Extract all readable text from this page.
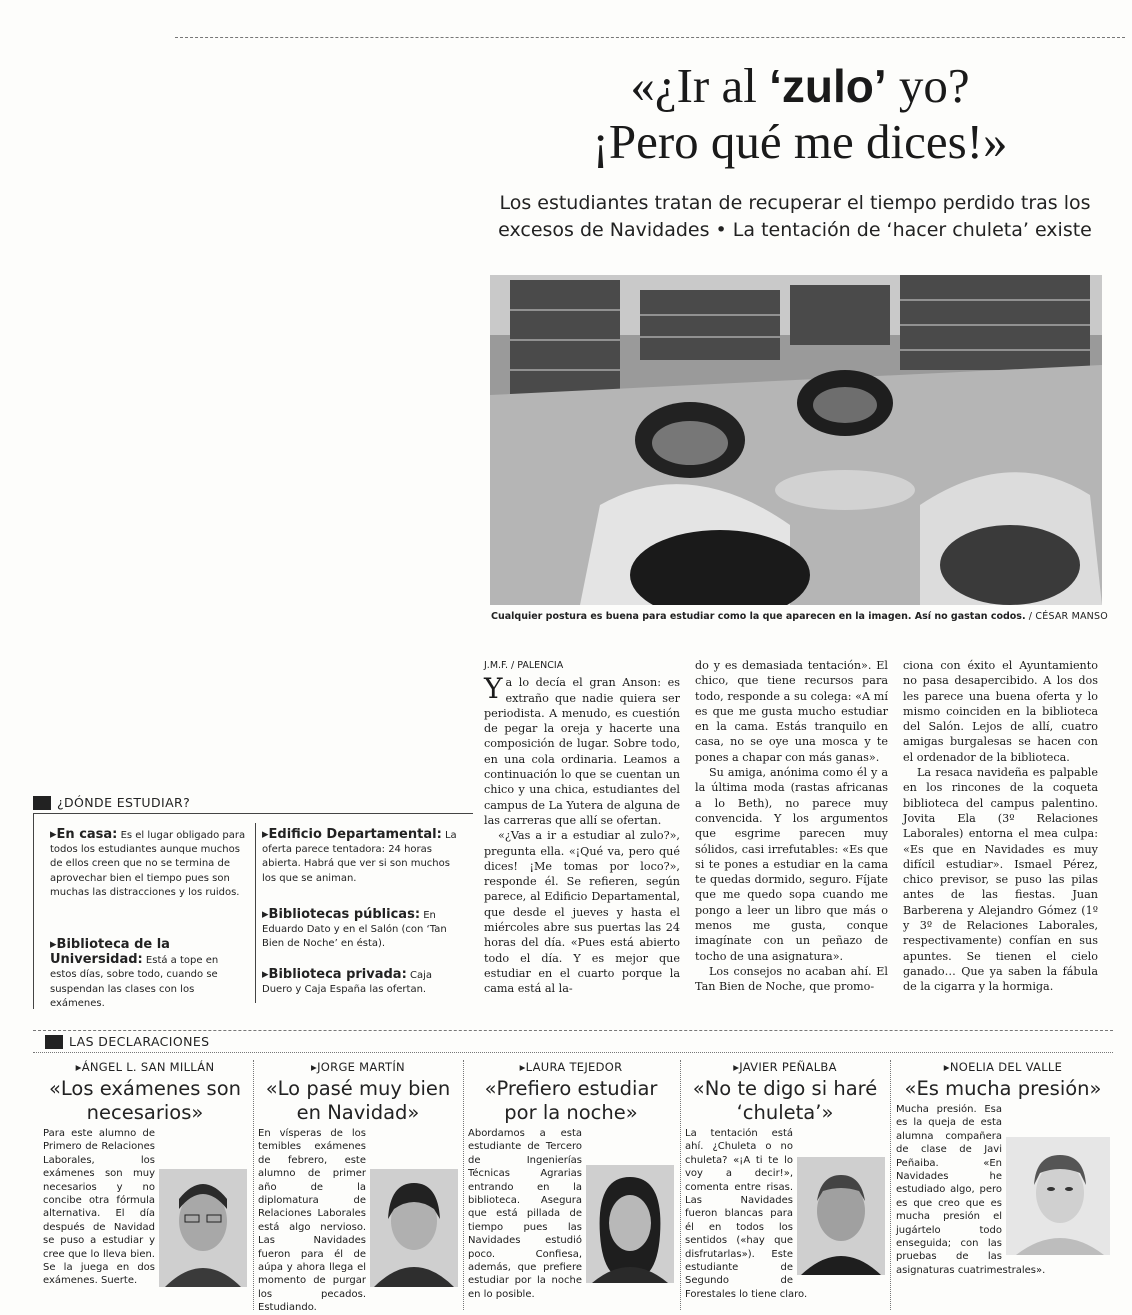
«¿Ir al ‘zulo’ yo?
¡Pero qué me dices!»
Los estudiantes tratan de recuperar el tiempo perdido tras los
excesos de Navidades • La tentación de ‘hacer chuleta’ existe
Cualquier postura es buena para estudiar como la que aparecen en la imagen. Así no gastan codos. / CÉSAR MANSO
J.M.F. / PALENCIA

Ya lo decía el gran Anson: es extraño que nadie quiera ser periodista. A menudo, es cuestión de pegar la oreja y hacerte una composición de lugar. Sobre todo, en una cola ordinaria. Leamos a continuación lo que se cuentan un chico y una chica, estudiantes del campus de La Yutera de alguna de las carreras que allí se ofertan.

«¿Vas a ir a estudiar al zulo?», pregunta ella. «¡Qué va, pero qué dices! ¡Me tomas por loco?», responde él. Se refieren, según parece, al Edificio Departamental, que desde el jueves y hasta el miércoles abre sus puertas las 24 horas del día. «Pues está abierto todo el día. Y es mejor que estudiar en el cuarto porque la cama está al la-

do y es demasiada tentación». El chico, que tiene recursos para todo, responde a su colega: «A mí es que me gusta mucho estudiar en la cama. Estás tranquilo en casa, no se oye una mosca y te pones a chapar con más ganas».

Su amiga, anónima como él y a la última moda (rastas africanas a lo Beth), no parece muy convencida. Y los argumentos que esgrime parecen muy sólidos, casi irrefutables: «Es que si te pones a estudiar en la cama te quedas dormido, seguro. Fíjate que me quedo sopa cuando me pongo a leer un libro que más o menos me gusta, conque imagínate con un peñazo de tocho de una asignatura».

Los consejos no acaban ahí. El Tan Bien de Noche, que promo-

ciona con éxito el Ayuntamiento no pasa desapercibido. A los dos les parece una buena oferta y lo mismo coinciden en la biblioteca del Salón. Lejos de allí, cuatro amigas burgalesas se hacen con el ordenador de la biblioteca.

La resaca navideña es palpable en los rincones de la coqueta biblioteca del campus palentino. Jovita Ela (3º Relaciones Laborales) entorna el mea culpa: «Es que en Navidades es muy difícil estudiar». Ismael Pérez, chico previsor, se puso las pilas antes de las fiestas. Juan Barberena y Alejandro Gómez (1º y 3º de Relaciones Laborales, respectivamente) confían en sus apuntes. Se tienen el cielo ganado… Que ya saben la fábula de la cigarra y la hormiga.

¿DÓNDE ESTUDIAR?
▸En casa: Es el lugar obligado para todos los estudiantes aunque muchos de ellos creen que no se termina de aprovechar bien el tiempo pues son muchas las distracciones y los ruidos.
▸Biblioteca de la Universidad: Está a tope en estos días, sobre todo, cuando se suspendan las clases con los exámenes.
▸Edificio Departamental: La oferta parece tentadora: 24 horas abierta. Habrá que ver si son muchos los que se animan.
▸Bibliotecas públicas: En Eduardo Dato y en el Salón (con ‘Tan Bien de Noche’ en ésta).
▸Biblioteca privada: Caja Duero y Caja España las ofertan.
LAS DECLARACIONES
▸ÁNGEL L. SAN MILLÁN
«Los exámenes son necesarios»
Para este alumno de Primero de Relaciones Laborales, los exámenes son muy necesarios y no concibe otra fórmula alternativa. El día después de Navidad se puso a estudiar y cree que lo lleva bien. Se la juega en dos exámenes. Suerte.
▸JORGE MARTÍN
«Lo pasé muy bien en Navidad»
En vísperas de los temibles exámenes de febrero, este alumno de primer año de la diplomatura de Relaciones Laborales está algo nervioso. Las Navidades fueron para él de aúpa y ahora llega el momento de purgar los pecados. Estudiando.
▸LAURA TEJEDOR
«Prefiero estudiar por la noche»
Abordamos a esta estudiante de Tercero de Ingenierías Técnicas Agrarias entrando en la biblioteca. Asegura que está pillada de tiempo pues las Navidades estudió poco. Confiesa, además, que prefiere estudiar por la noche en lo posible.
▸JAVIER PEÑALBA
«No te digo si haré ‘chuleta’»
La tentación está ahí. ¿Chuleta o no chuleta? «¡A ti te lo voy a decir!», comenta entre risas. Las Navidades fueron blancas para él en todos los sentidos («hay que disfrutarlas»). Este estudiante de Segundo de Forestales lo tiene claro.
▸NOELIA DEL VALLE
«Es mucha presión»
Mucha presión. Esa es la queja de esta alumna compañera de clase de Javi Peñaiba. «En Navidades he estudiado algo, pero es que creo que es mucha presión el jugártelo todo enseguida; con las pruebas de las asignaturas cuatrimestrales».
